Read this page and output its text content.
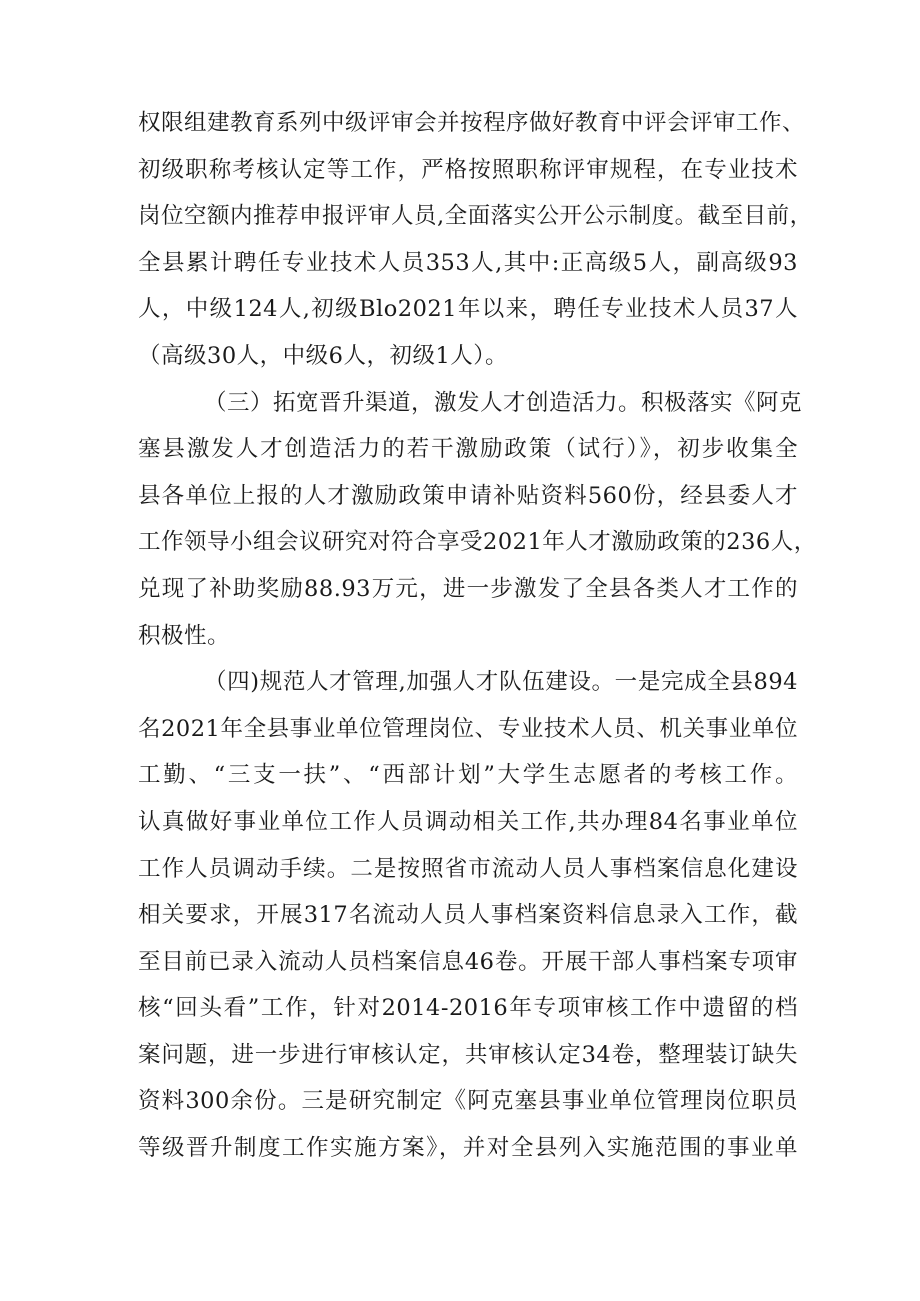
权限组建教育系列中级评审会并按程序做好教育中评会评审工作、
初级职称考核认定等工作，严格按照职称评审规程，在专业技术
岗位空额内推荐申报评审人员,全面落实公开公示制度。截至目前，
全县累计聘任专业技术人员353人,其中:正高级5人，副高级93
人，中级124人,初级Blo2021年以来，聘任专业技术人员37人
（高级30人，中级6人，初级1人）。
（三）拓宽晋升渠道，激发人才创造活力。积极落实《阿克
塞县激发人才创造活力的若干激励政策（试行）》，初步收集全
县各单位上报的人才激励政策申请补贴资料560份，经县委人才
工作领导小组会议研究对符合享受2021年人才激励政策的236人，
兑现了补助奖励88.93万元，进一步激发了全县各类人才工作的
积极性。
（四)规范人才管理,加强人才队伍建设。一是完成全县894
名2021年全县事业单位管理岗位、专业技术人员、机关事业单位
工勤、“三支一扶”、“西部计划”大学生志愿者的考核工作。
认真做好事业单位工作人员调动相关工作,共办理84名事业单位
工作人员调动手续。二是按照省市流动人员人事档案信息化建设
相关要求，开展317名流动人员人事档案资料信息录入工作，截
至目前已录入流动人员档案信息46卷。开展干部人事档案专项审
核“回头看”工作，针对2014-2016年专项审核工作中遗留的档
案问题，进一步进行审核认定，共审核认定34卷，整理装订缺失
资料300余份。三是研究制定《阿克塞县事业单位管理岗位职员
等级晋升制度工作实施方案》，并对全县列入实施范围的事业单
